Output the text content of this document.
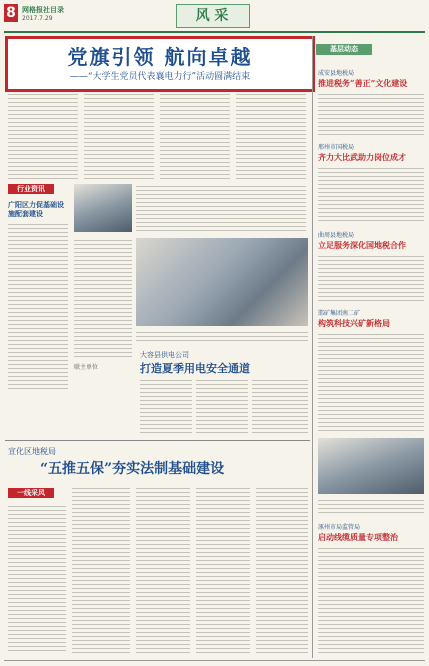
8 网格报社目录
2017.7.29	风 采
党旗引领 航向卓越
——“大学生党员代表襄电力行”活动圆满结束
行业资讯
广阳区力促基础设施配套建设
联主单位
大容县供电公司
打造夏季用电安全通道
宣化区地税局
“五推五保”夯实法制基础建设
一线采风
基层动态
成安县地税局
推进税务“善正”文化建设
邢州市国税局
齐力大比武助力岗位成才
曲周县地税局
立足服务深化国地税合作
邯矿集团南二矿
构筑科技兴矿新格局
涿州市局监管局
启动线缆质量专项整治
